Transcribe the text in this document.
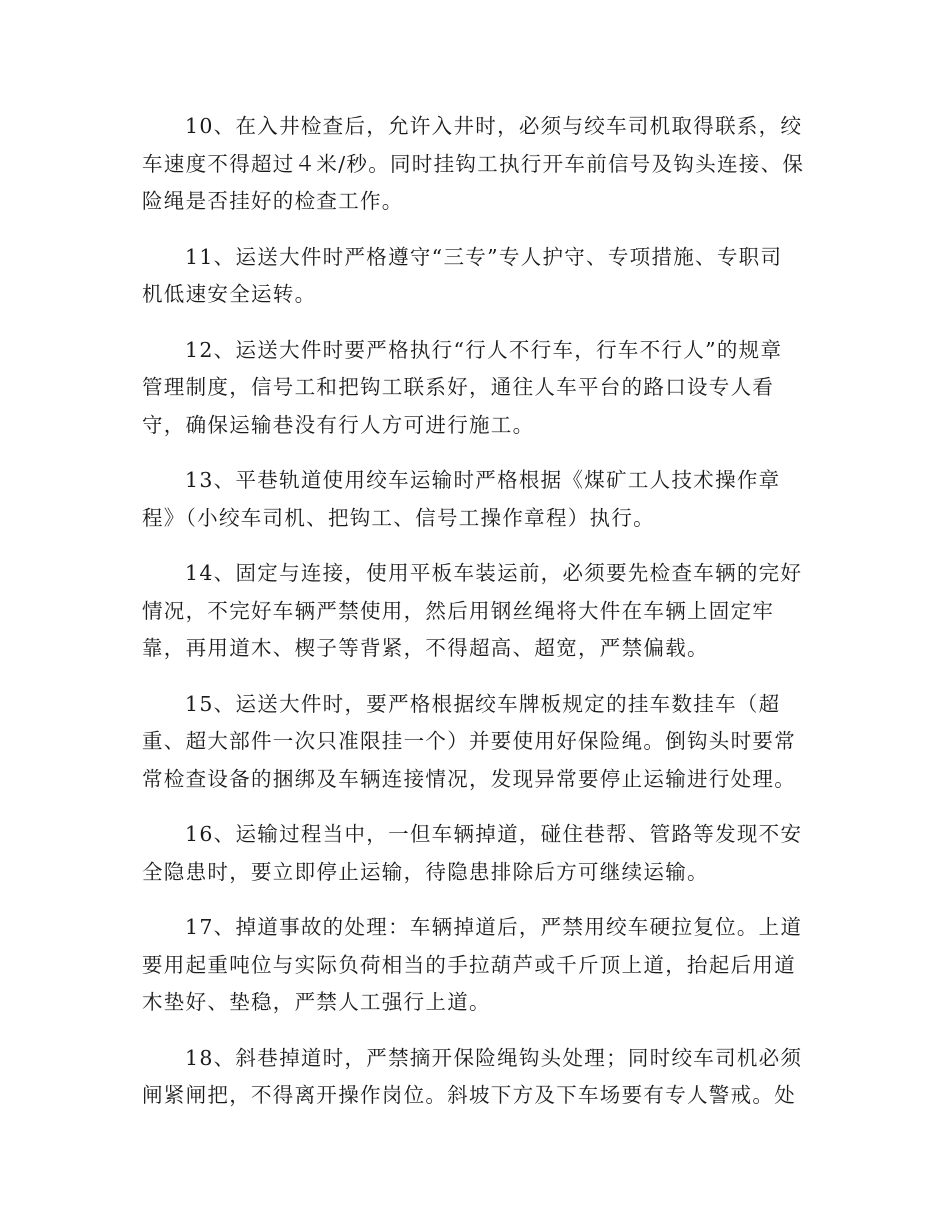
10、在入井检查后，允许入井时，必须与绞车司机取得联系，绞
车速度不得超过４米/秒。同时挂钩工执行开车前信号及钩头连接、保
险绳是否挂好的检查工作。

11、运送大件时严格遵守“三专”专人护守、专项措施、专职司
机低速安全运转。

12、运送大件时要严格执行“行人不行车，行车不行人”的规章
管理制度，信号工和把钩工联系好，通往人车平台的路口设专人看
守，确保运输巷没有行人方可进行施工。

13、平巷轨道使用绞车运输时严格根据《煤矿工人技术操作章
程》（小绞车司机、把钩工、信号工操作章程）执行。

14、固定与连接，使用平板车装运前，必须要先检查车辆的完好
情况，不完好车辆严禁使用，然后用钢丝绳将大件在车辆上固定牢
靠，再用道木、楔子等背紧，不得超高、超宽，严禁偏载。

15、运送大件时，要严格根据绞车牌板规定的挂车数挂车（超
重、超大部件一次只准限挂一个）并要使用好保险绳。倒钩头时要常
常检查设备的捆绑及车辆连接情况，发现异常要停止运输进行处理。

16、运输过程当中，一但车辆掉道，碰住巷帮、管路等发现不安
全隐患时，要立即停止运输，待隐患排除后方可继续运输。

17、掉道事故的处理：车辆掉道后，严禁用绞车硬拉复位。上道
要用起重吨位与实际负荷相当的手拉葫芦或千斤顶上道，抬起后用道
木垫好、垫稳，严禁人工强行上道。

18、斜巷掉道时，严禁摘开保险绳钩头处理；同时绞车司机必须
闸紧闸把，不得离开操作岗位。斜坡下方及下车场要有专人警戒。处
